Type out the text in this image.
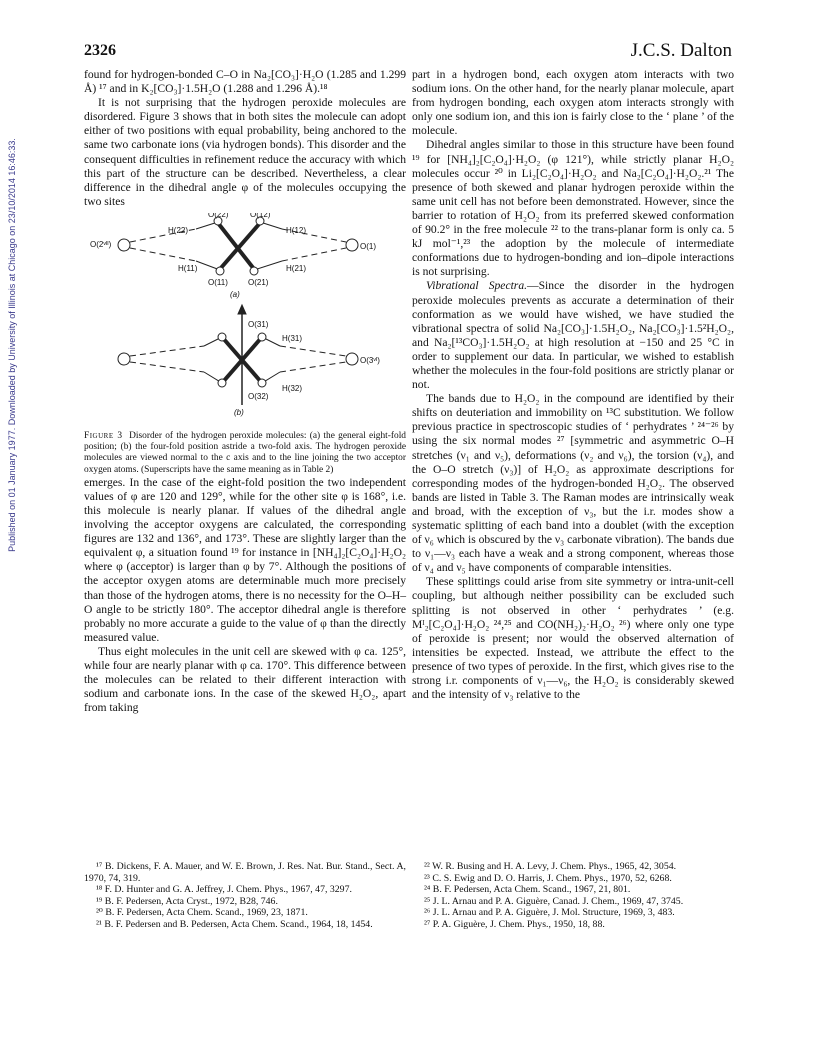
2326	J.C.S. Dalton
Published on 01 January 1977. Downloaded by University of Illinois at Chicago on 23/10/2014 16:46:33.

found for hydrogen-bonded C–O in Na₂[CO₃]·H₂O (1.285 and 1.299 Å) ¹⁷ and in K₂[CO₃]·1.5H₂O (1.288 and 1.296 Å).¹⁸

It is not surprising that the hydrogen peroxide molecules are disordered. Figure 3 shows that in both sites the molecule can adopt either of two positions with equal probability, being anchored to the same two carbonate ions (via hydrogen bonds). This disorder and the consequent difficulties in refinement reduce the accuracy with which this part of the structure can be described. Nevertheless, a clear difference in the dihedral angle φ of the molecules occupying the two sites

O(22)	O(12)
H(22)	H(12)
O(2ᵛᴵᴵ)	O(1)
H(11)	H(21)
O(11)	O(21)
(a)
O(31)
H(31)
O(3ᵛᴵ)
O(32)
H(32)
(b)

Figure 3 Disorder of the hydrogen peroxide molecules: (a) the general eight-fold position; (b) the four-fold position astride a two-fold axis. The hydrogen peroxide molecules are viewed normal to the c axis and to the line joining the two acceptor oxygen atoms. (Superscripts have the same meaning as in Table 2)

emerges. In the case of the eight-fold position the two independent values of φ are 120 and 129°, while for the other site φ is 168°, i.e. this molecule is nearly planar. If values of the dihedral angle involving the acceptor oxygens are calculated, the corresponding figures are 132 and 136°, and 173°. These are slightly larger than the equivalent φ, a situation found ¹⁹ for instance in [NH₄]₂[C₂O₄]·H₂O₂ where φ (acceptor) is larger than φ by 7°. Although the positions of the acceptor oxygen atoms are determinable much more precisely than those of the hydrogen atoms, there is no necessity for the O–H–O angle to be strictly 180°. The acceptor dihedral angle is therefore probably no more accurate a guide to the value of φ than the directly measured value.

Thus eight molecules in the unit cell are skewed with φ ca. 125°, while four are nearly planar with φ ca. 170°. This difference between the molecules can be related to their different interaction with sodium and carbonate ions. In the case of the skewed H₂O₂, apart from taking

part in a hydrogen bond, each oxygen atom interacts with two sodium ions. On the other hand, for the nearly planar molecule, apart from hydrogen bonding, each oxygen atom interacts strongly with only one sodium ion, and this ion is fairly close to the ‘ plane ’ of the molecule.

Dihedral angles similar to those in this structure have been found ¹⁹ for [NH₄]₂[C₂O₄]·H₂O₂ (φ 121°), while strictly planar H₂O₂ molecules occur ²⁰ in Li₂[C₂O₄]·H₂O₂ and Na₂[C₂O₄]·H₂O₂.²¹ The presence of both skewed and planar hydrogen peroxide within the same unit cell has not before been demonstrated. However, since the barrier to rotation of H₂O₂ from its preferred skewed conformation of 90.2° in the free molecule ²² to the trans-planar form is only ca. 5 kJ mol⁻¹,²³ the adoption by the molecule of intermediate conformations due to hydrogen-bonding and ion–dipole interactions is not surprising.

Vibrational Spectra.—Since the disorder in the hydrogen peroxide molecules prevents as accurate a determination of their conformation as we would have wished, we have studied the vibrational spectra of solid Na₂[CO₃]·1.5H₂O₂, Na₂[CO₃]·1.5²H₂O₂, and Na₂[¹³CO₃]·1.5H₂O₂ at high resolution at −150 and 25 °C in order to supplement our data. In particular, we wished to establish whether the molecules in the four-fold positions are strictly planar or not.

The bands due to H₂O₂ in the compound are identified by their shifts on deuteriation and immobility on ¹³C substitution. We follow previous practice in spectroscopic studies of ‘ perhydrates ’ ²⁴⁻²⁶ by using the six normal modes ²⁷ [symmetric and asymmetric O–H stretches (ν₁ and ν₅), deformations (ν₂ and ν₆), the torsion (ν₄), and the O–O stretch (ν₃)] of H₂O₂ as approximate descriptions for corresponding modes of the hydrogen-bonded H₂O₂. The observed bands are listed in Table 3. The Raman modes are intrinsically weak and broad, with the exception of ν₃, but the i.r. modes show a systematic splitting of each band into a doublet (with the exception of ν₆ which is obscured by the ν₃ carbonate vibration). The bands due to ν₁—ν₃ each have a weak and a strong component, whereas those of ν₄ and ν₅ have components of comparable intensities.

These splittings could arise from site symmetry or intra-unit-cell coupling, but although neither possibility can be excluded such splitting is not observed in other ‘ perhydrates ’ (e.g. Mᴵ₂[C₂O₄]·H₂O₂ ²⁴,²⁵ and CO(NH₂)₂·H₂O₂ ²⁶) where only one type of peroxide is present; nor would the observed alternation of intensities be expected. Instead, we attribute the effect to the presence of two types of peroxide. In the first, which gives rise to the strong i.r. components of ν₁—ν₆, the H₂O₂ is considerably skewed and the intensity of ν₃ relative to the

¹⁷ B. Dickens, F. A. Mauer, and W. E. Brown, J. Res. Nat. Bur. Stand., Sect. A, 1970, 74, 319.

¹⁸ F. D. Hunter and G. A. Jeffrey, J. Chem. Phys., 1967, 47, 3297.

¹⁹ B. F. Pedersen, Acta Cryst., 1972, B28, 746.

²⁰ B. F. Pedersen, Acta Chem. Scand., 1969, 23, 1871.

²¹ B. F. Pedersen and B. Pedersen, Acta Chem. Scand., 1964, 18, 1454.

²² W. R. Busing and H. A. Levy, J. Chem. Phys., 1965, 42, 3054.

²³ C. S. Ewig and D. O. Harris, J. Chem. Phys., 1970, 52, 6268.

²⁴ B. F. Pedersen, Acta Chem. Scand., 1967, 21, 801.

²⁵ J. L. Arnau and P. A. Giguère, Canad. J. Chem., 1969, 47, 3745.

²⁶ J. L. Arnau and P. A. Giguère, J. Mol. Structure, 1969, 3, 483.

²⁷ P. A. Giguère, J. Chem. Phys., 1950, 18, 88.
